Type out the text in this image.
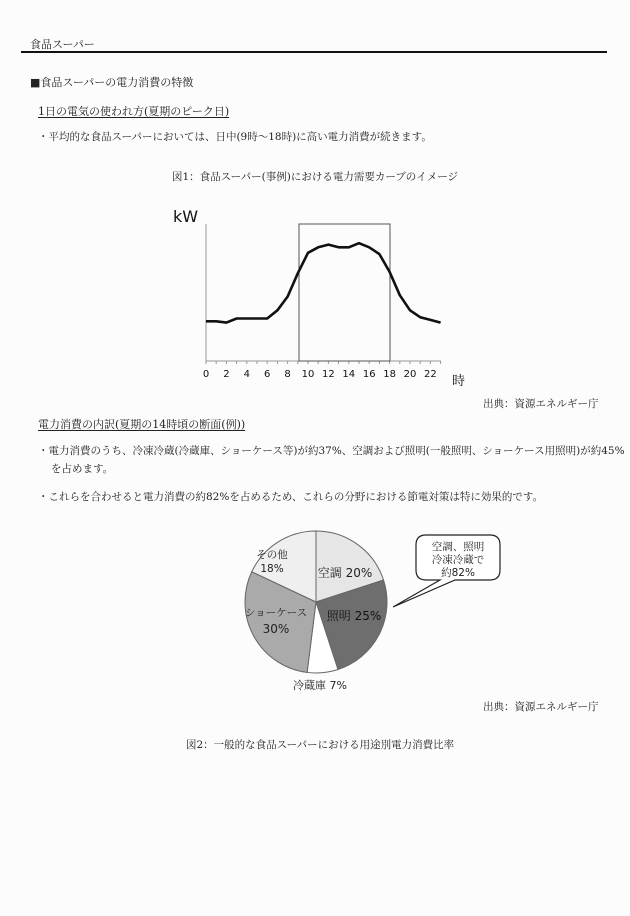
食品スーパー
■食品スーパーの電力消費の特徴
1日の電気の使われ方(夏期のピーク日)
・平均的な食品スーパーにおいては、日中(9時〜18時)に高い電力消費が続きます。
図1：食品スーパー(事例)における電力需要カーブのイメージ
kW
0 2 4 6 8 10 12 14 16 18 20 22 時
出典：資源エネルギー庁
電力消費の内訳(夏期の14時頃の断面(例))
・電力消費のうち、冷凍冷蔵(冷蔵庫、ショーケース等)が約37%、空調および照明(一般照明、ショーケース用照明)が約45%
を占めます。
・これらを合わせると電力消費の約82%を占めるため、これらの分野における節電対策は特に効果的です。
その他
18%	空調 20%
照明 25%
ショーケース
30%
冷蔵庫 7%
空調、照明
冷凍冷蔵で
約82%
出典：資源エネルギー庁
図2：一般的な食品スーパーにおける用途別電力消費比率
